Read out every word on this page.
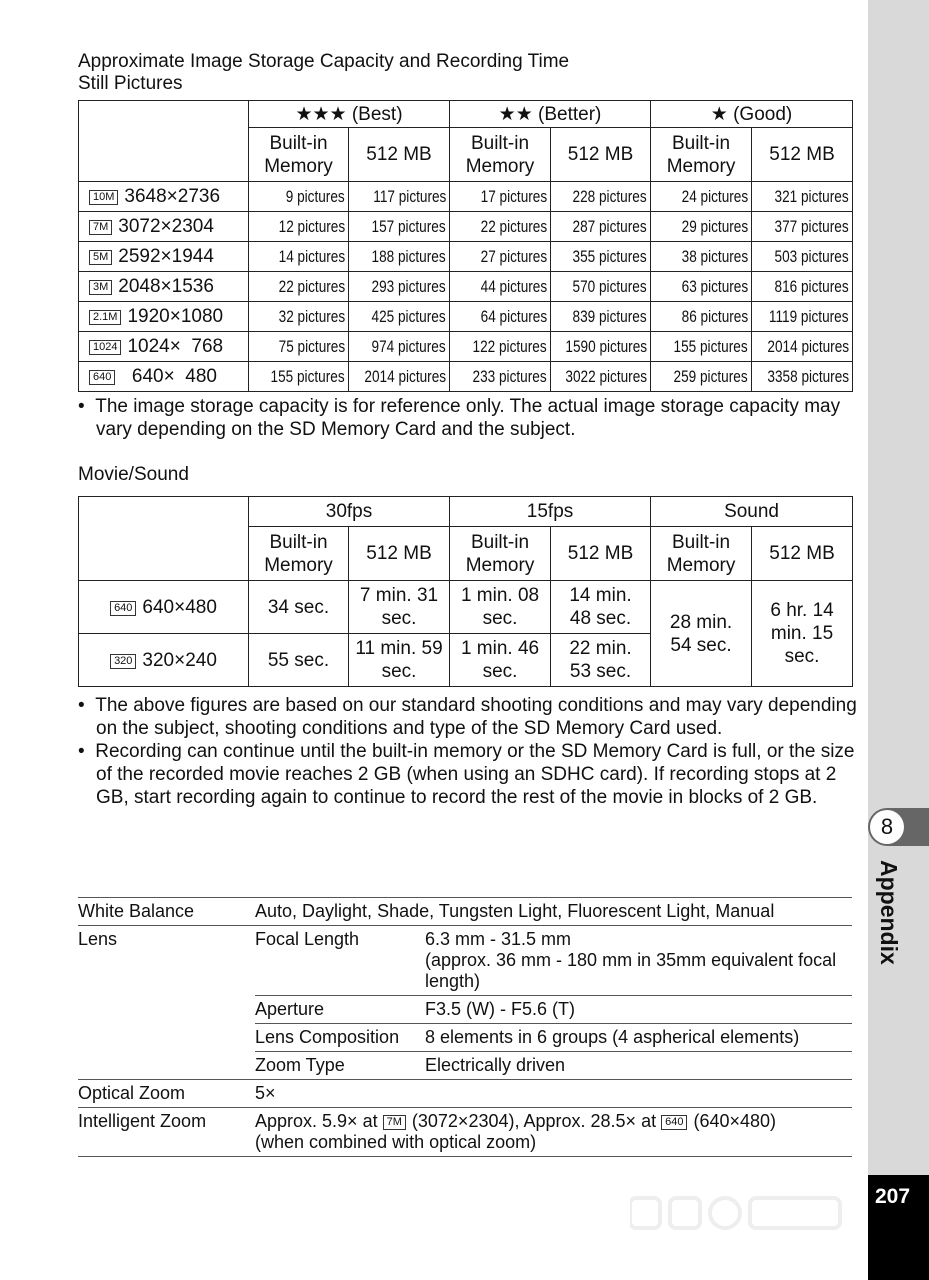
Approximate Image Storage Capacity and Recording Time
Still Pictures
	★★★ (Best)		★★ (Better)		★ (Good)	
	Built-in Memory	512 MB	Built-in Memory	512 MB	Built-in Memory	512 MB
10M 3648×2736	9 pictures	117 pictures	17 pictures	228 pictures	24 pictures	321 pictures
7M 3072×2304	12 pictures	157 pictures	22 pictures	287 pictures	29 pictures	377 pictures
5M 2592×1944	14 pictures	188 pictures	27 pictures	355 pictures	38 pictures	503 pictures
3M 2048×1536	22 pictures	293 pictures	44 pictures	570 pictures	63 pictures	816 pictures
2.1M 1920×1080	32 pictures	425 pictures	64 pictures	839 pictures	86 pictures	1119 pictures
1024 1024×  768	75 pictures	974 pictures	122 pictures	1590 pictures	155 pictures	2014 pictures
640  640×  480	155 pictures	2014 pictures	233 pictures	3022 pictures	259 pictures	3358 pictures
•  The image storage capacity is for reference only. The actual image storage capacity may vary depending on the SD Memory Card and the subject.
Movie/Sound
	30fps		15fps		Sound	
	Built-in Memory	512 MB	Built-in Memory	512 MB	Built-in Memory	512 MB
640 640×480	34 sec.	7 min. 31 sec.	1 min. 08 sec.	14 min. 48 sec.	28 min. 54 sec.	6 hr. 14 min. 15 sec.
320 320×240	55 sec.	11 min. 59 sec.	1 min. 46 sec.	22 min. 53 sec.		
•  The above figures are based on our standard shooting conditions and may vary depending on the subject, shooting conditions and type of the SD Memory Card used.
•  Recording can continue until the built-in memory or the SD Memory Card is full, or the size of the recorded movie reaches 2 GB (when using an SDHC card). If recording stops at 2 GB, start recording again to continue to record the rest of the movie in blocks of 2 GB.
White Balance	Auto, Daylight, Shade, Tungsten Light, Fluorescent Light, Manual	
Lens	Focal Length	6.3 mm - 31.5 mm
(approx. 36 mm - 180 mm in 35mm equivalent focal length)

	Aperture	F3.5 (W) - F5.6 (T)
	Lens Composition	8 elements in 6 groups (4 aspherical elements)
	Zoom Type	Electrically driven
Optical Zoom	5×	
Intelligent Zoom	Approx. 5.9× at 7M (3072×2304), Approx. 28.5× at 640 (640×480)
(when combined with optical zoom)	
8
Appendix
207
